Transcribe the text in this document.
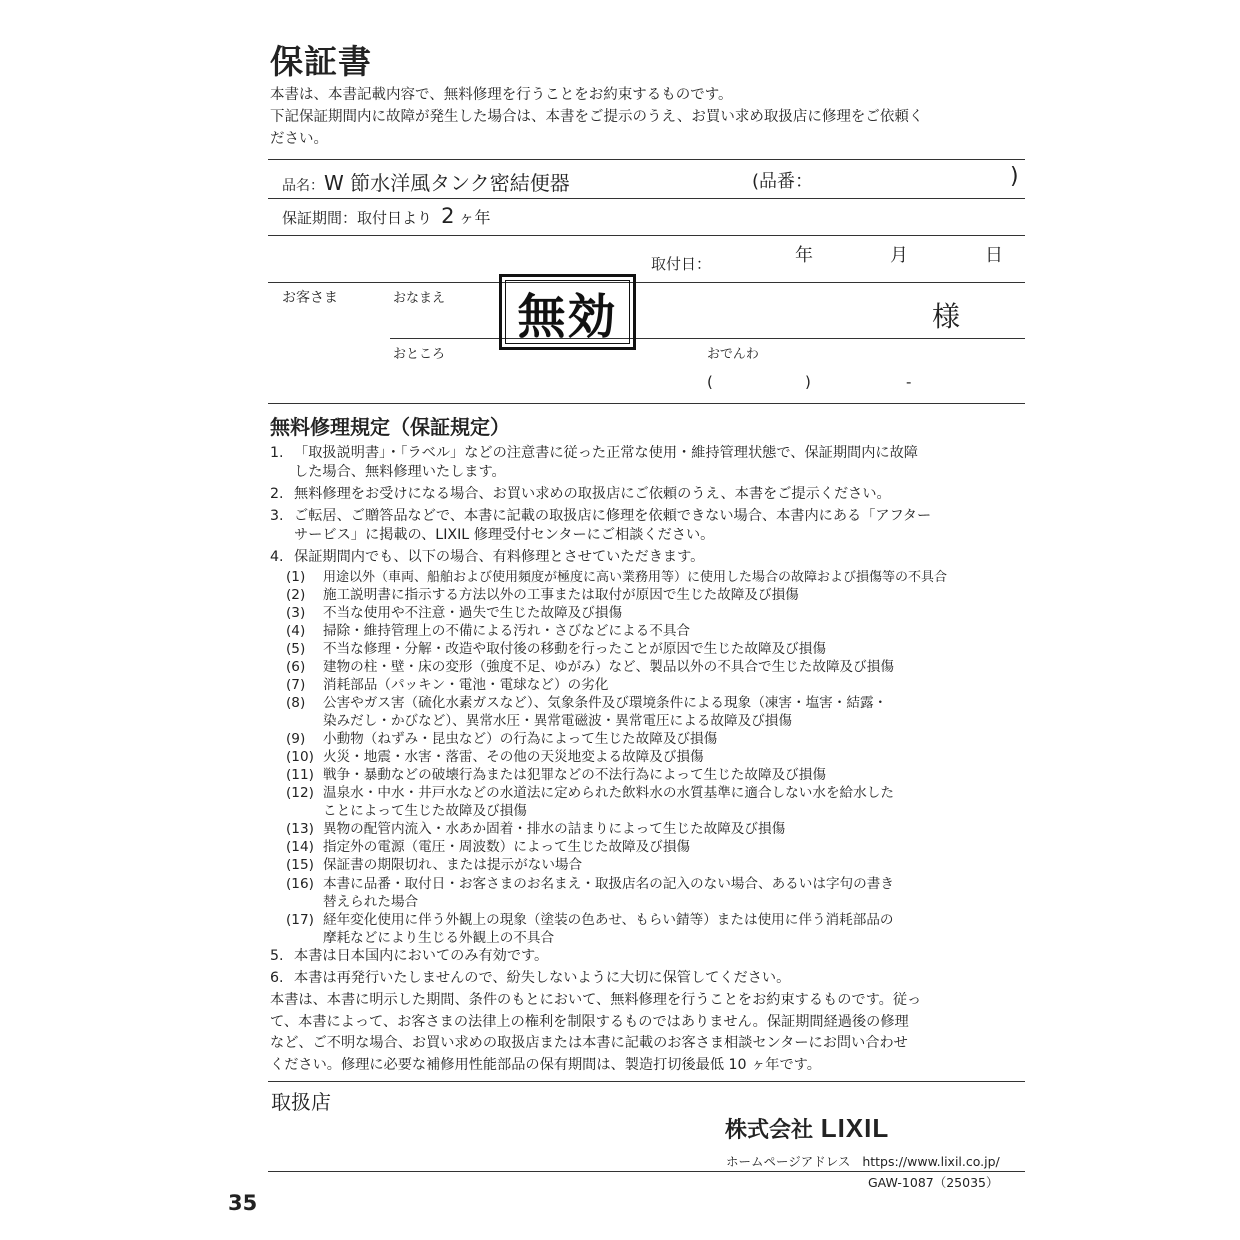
保証書
本書は、本書記載内容で、無料修理を行うことをお約束するものです。
下記保証期間内に故障が発生した場合は、本書をご提示のうえ、お買い求め取扱店に修理をご依頼く
ださい。
品名：W 節水洋風タンク密結便器	(品番：	)
保証期間：取付日より 2 ヶ年
取付日：	年	月	日
お客さま	おなまえ	無効	様
おところ	おでんわ
(	)	-
無料修理規定（保証規定）
1. 「取扱説明書」・「ラベル」などの注意書に従った正常な使用・維持管理状態で、保証期間内に故障
した場合、無料修理いたします。
2. 無料修理をお受けになる場合、お買い求めの取扱店にご依頼のうえ、本書をご提示ください。
3. ご転居、ご贈答品などで、本書に記載の取扱店に修理を依頼できない場合、本書内にある「アフター
サービス」に掲載の、LIXIL 修理受付センターにご相談ください。
4. 保証期間内でも、以下の場合、有料修理とさせていただきます。
(1) 用途以外（車両、船舶および使用頻度が極度に高い業務用等）に使用した場合の故障および損傷等の不具合
(2) 施工説明書に指示する方法以外の工事または取付が原因で生じた故障及び損傷
(3) 不当な使用や不注意・過失で生じた故障及び損傷
(4) 掃除・維持管理上の不備による汚れ・さびなどによる不具合
(5) 不当な修理・分解・改造や取付後の移動を行ったことが原因で生じた故障及び損傷
(6) 建物の柱・壁・床の変形（強度不足、ゆがみ）など、製品以外の不具合で生じた故障及び損傷
(7) 消耗部品（パッキン・電池・電球など）の劣化
(8) 公害やガス害（硫化水素ガスなど）、気象条件及び環境条件による現象（凍害・塩害・結露・
染みだし・かびなど）、異常水圧・異常電磁波・異常電圧による故障及び損傷
(9) 小動物（ねずみ・昆虫など）の行為によって生じた故障及び損傷
(10) 火災・地震・水害・落雷、その他の天災地変よる故障及び損傷
(11) 戦争・暴動などの破壊行為または犯罪などの不法行為によって生じた故障及び損傷
(12) 温泉水・中水・井戸水などの水道法に定められた飲料水の水質基準に適合しない水を給水した
ことによって生じた故障及び損傷
(13) 異物の配管内流入・水あか固着・排水の詰まりによって生じた故障及び損傷
(14) 指定外の電源（電圧・周波数）によって生じた故障及び損傷
(15) 保証書の期限切れ、または提示がない場合
(16) 本書に品番・取付日・お客さまのお名まえ・取扱店名の記入のない場合、あるいは字句の書き
替えられた場合
(17) 経年変化使用に伴う外観上の現象（塗装の色あせ、もらい錆等）または使用に伴う消耗部品の
摩耗などにより生じる外観上の不具合
5. 本書は日本国内においてのみ有効です。
6. 本書は再発行いたしませんので、紛失しないように大切に保管してください。
本書は、本書に明示した期間、条件のもとにおいて、無料修理を行うことをお約束するものです。従っ
て、本書によって、お客さまの法律上の権利を制限するものではありません。保証期間経過後の修理
など、ご不明な場合、お買い求めの取扱店または本書に記載のお客さま相談センターにお問い合わせ
ください。修理に必要な補修用性能部品の保有期間は、製造打切後最低 10 ヶ年です。
取扱店
株式会社 LIXIL
ホームページアドレス https://www.lixil.co.jp/
GAW-1087（25035）
35
